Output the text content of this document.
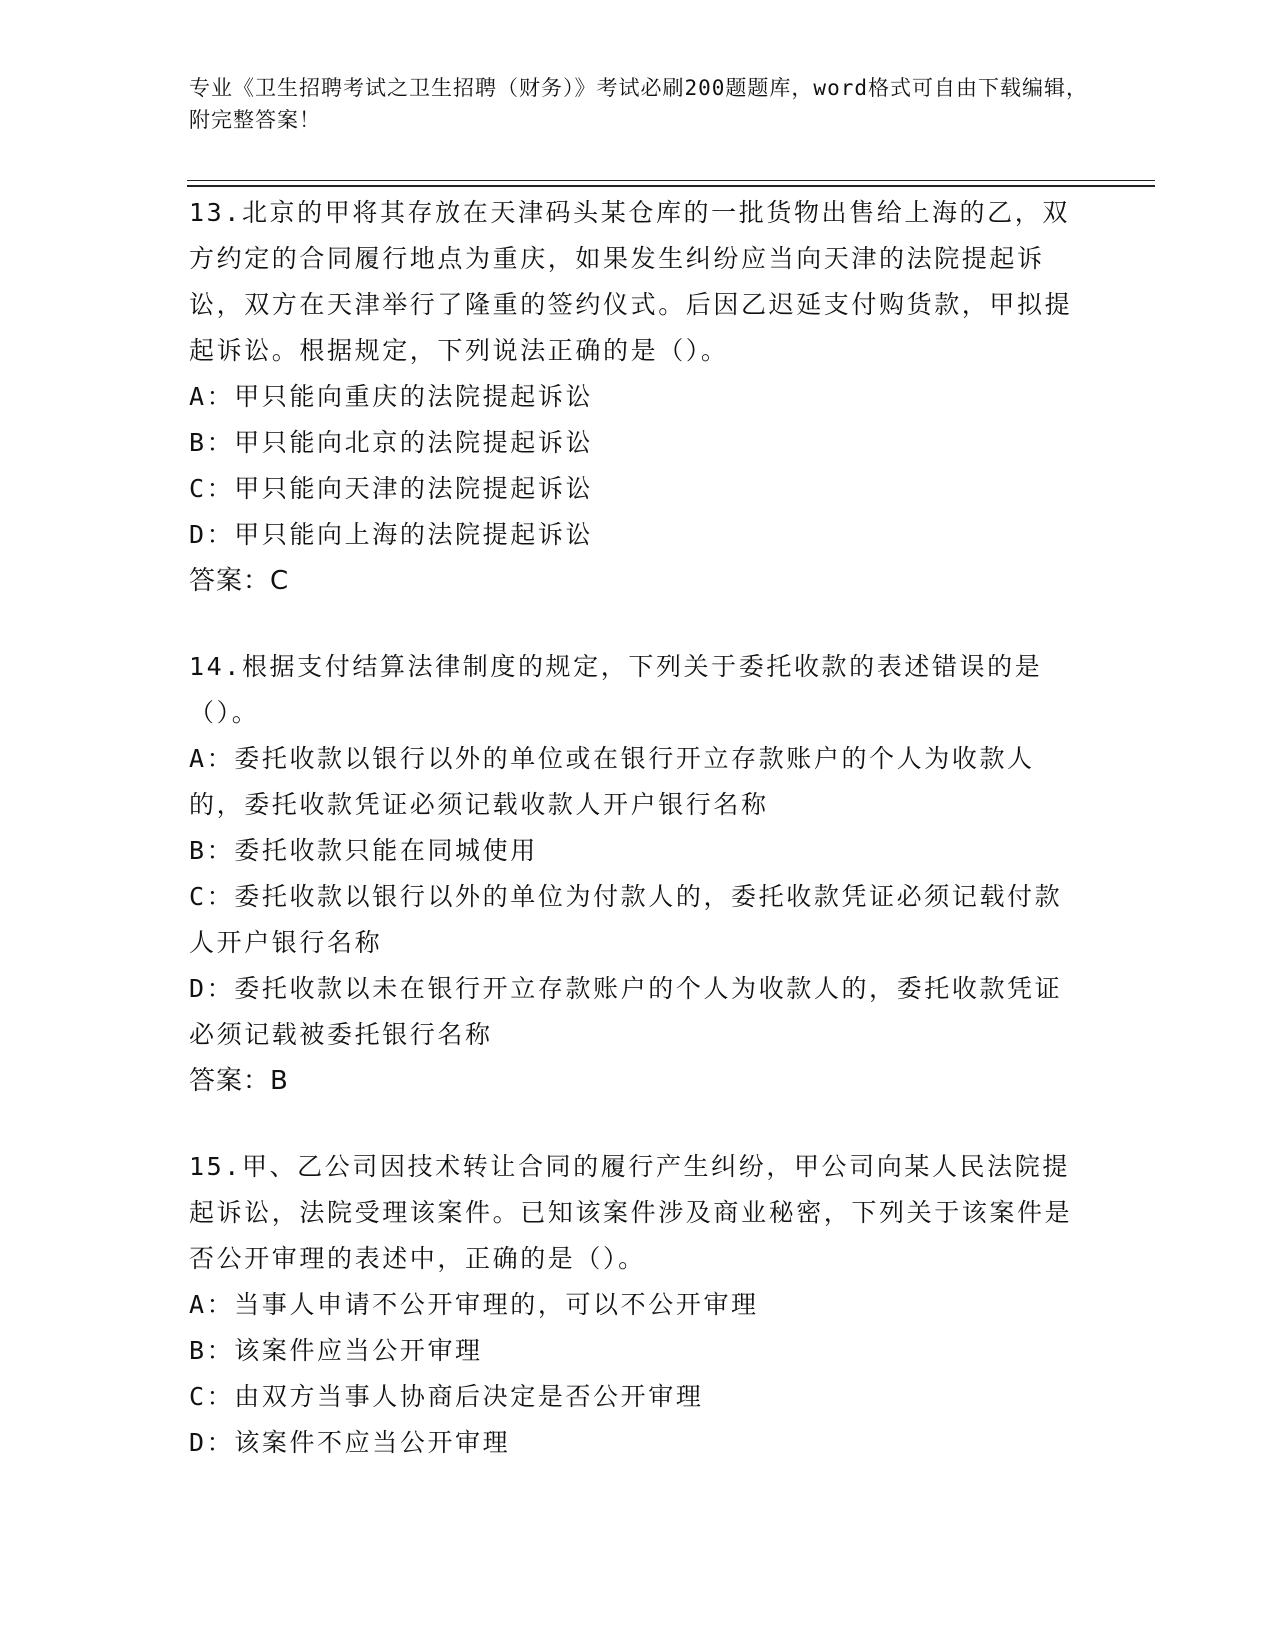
专业《卫生招聘考试之卫生招聘（财务）》考试必刷200题题库，word格式可自由下载编辑，附完整答案！

13.北京的甲将其存放在天津码头某仓库的一批货物出售给上海的乙，双方约定的合同履行地点为重庆，如果发生纠纷应当向天津的法院提起诉讼，双方在天津举行了隆重的签约仪式。后因乙迟延支付购货款，甲拟提起诉讼。根据规定，下列说法正确的是（）。

A：甲只能向重庆的法院提起诉讼

B：甲只能向北京的法院提起诉讼

C：甲只能向天津的法院提起诉讼

D：甲只能向上海的法院提起诉讼

答案：C

14.根据支付结算法律制度的规定，下列关于委托收款的表述错误的是（）。

A：委托收款以银行以外的单位或在银行开立存款账户的个人为收款人的，委托收款凭证必须记载收款人开户银行名称

B：委托收款只能在同城使用

C：委托收款以银行以外的单位为付款人的，委托收款凭证必须记载付款人开户银行名称

D：委托收款以未在银行开立存款账户的个人为收款人的，委托收款凭证必须记载被委托银行名称

答案：B

15.甲、乙公司因技术转让合同的履行产生纠纷，甲公司向某人民法院提起诉讼，法院受理该案件。已知该案件涉及商业秘密，下列关于该案件是否公开审理的表述中，正确的是（）。

A：当事人申请不公开审理的，可以不公开审理

B：该案件应当公开审理

C：由双方当事人协商后决定是否公开审理

D：该案件不应当公开审理
